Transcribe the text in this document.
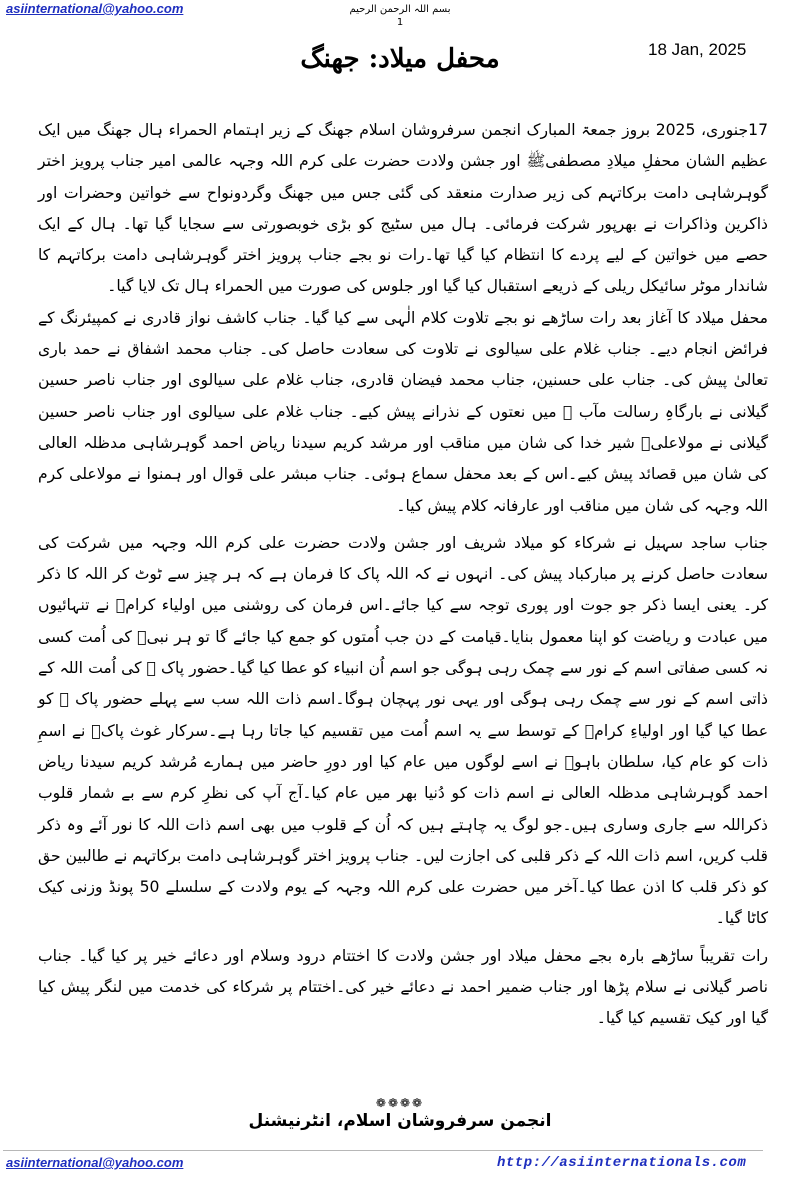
asiinternational@yahoo.com	بسم اللہ الرحمن الرحیم
1
18 Jan, 2025
محفل میلاد: جھنگ

17جنوری، 2025 بروز جمعۃ المبارک انجمن سرفروشان اسلام جھنگ کے زیر اہتمام الحمراء ہال جھنگ میں ایک عظیم الشان محفلِ میلادِ مصطفیﷺ اور جشن ولادت حضرت علی کرم اللہ وجہہ عالمی امیر جناب پرویز اختر گوہرشاہی دامت برکاتہم کی زیر صدارت منعقد کی گئی جس میں جھنگ وگردونواح سے خواتین وحضرات اور ذاکرین وذاکرات نے بھرپور شرکت فرمائی۔ ہال میں سٹیج کو بڑی خوبصورتی سے سجایا گیا تھا۔ ہال کے ایک حصے میں خواتین کے لیے پردے کا انتظام کیا گیا تھا۔رات نو بجے جناب پرویز اختر گوہرشاہی دامت برکاتہم کا شاندار موٹر سائیکل ریلی کے ذریعے استقبال کیا گیا اور جلوس کی صورت میں الحمراء ہال تک لایا گیا۔

محفل میلاد کا آغاز بعد رات ساڑھے نو بجے تلاوت کلام الٰہی سے کیا گیا۔ جناب کاشف نواز قادری نے کمپیئرنگ کے فرائض انجام دیے۔ جناب غلام علی سیالوی نے تلاوت کی سعادت حاصل کی۔ جناب محمد اشفاق نے حمد باری تعالیٰ پیش کی۔ جناب علی حسنین، جناب محمد فیضان قادری، جناب غلام علی سیالوی اور جناب ناصر حسین گیلانی نے بارگاہِ رسالت مآب ﷺ میں نعتوں کے نذرانے پیش کیے۔ جناب غلام علی سیالوی اور جناب ناصر حسین گیلانی نے مولاعلیؑ شیر خدا کی شان میں مناقب اور مرشد کریم سیدنا ریاض احمد گوہرشاہی مدظلہ العالی کی شان میں قصائد پیش کیے۔اس کے بعد محفل سماع ہوئی۔ جناب مبشر علی قوال اور ہمنوا نے مولاعلی کرم اللہ وجہہ کی شان میں مناقب اور عارفانہ کلام پیش کیا۔

جناب ساجد سہیل نے شرکاء کو میلاد شریف اور جشن ولادت حضرت علی کرم اللہ وجہہ میں شرکت کی سعادت حاصل کرنے پر مبارکباد پیش کی۔ انہوں نے کہ اللہ پاک کا فرمان ہے کہ ہر چیز سے ٹوٹ کر اللہ کا ذکر کر۔ یعنی ایسا ذکر جو جوت اور پوری توجہ سے کیا جائے۔اس فرمان کی روشنی میں اولیاء کرامؒ نے تنہائیوں میں عبادت و ریاضت کو اپنا معمول بنایا۔قیامت کے دن جب اُمتوں کو جمع کیا جائے گا تو ہر نبیؑ کی اُمت کسی نہ کسی صفاتی اسم کے نور سے چمک رہی ہوگی جو اسم اُن انبیاء کو عطا کیا گیا۔حضور پاک ﷺ کی اُمت اللہ کے ذاتی اسم کے نور سے چمک رہی ہوگی اور یہی نور پہچان ہوگا۔اسم ذات اللہ سب سے پہلے حضور پاک ﷺ کو عطا کیا گیا اور اولیاءِ کرامؒ کے توسط سے یہ اسم اُمت میں تقسیم کیا جاتا رہا ہے۔سرکار غوث پاکؓ نے اسمِ ذات کو عام کیا، سلطان باہوؒ نے اسے لوگوں میں عام کیا اور دورِ حاضر میں ہمارے مُرشد کریم سیدنا ریاض احمد گوہرشاہی مدظلہ العالی نے اسم ذات کو دُنیا بھر میں عام کیا۔آج آپ کی نظرِ کرم سے بے شمار قلوب ذکراللہ سے جاری وساری ہیں۔جو لوگ یہ چاہتے ہیں کہ اُن کے قلوب میں بھی اسم ذات اللہ کا نور آئے وہ ذکر قلب کریں، اسم ذات اللہ کے ذکر قلبی کی اجازت لیں۔ جناب پرویز اختر گوہرشاہی دامت برکاتہم نے طالبین حق کو ذکر قلب کا اذن عطا کیا۔آخر میں حضرت علی کرم اللہ وجہہ کے یوم ولادت کے سلسلے 50 پونڈ وزنی کیک کاٹا گیا۔

رات تقریباً ساڑھے بارہ بجے محفل میلاد اور جشن ولادت کا اختتام درود وسلام اور دعائے خیر پر کیا گیا۔ جناب ناصر گیلانی نے سلام پڑھا اور جناب ضمیر احمد نے دعائے خیر کی۔اختتام پر شرکاء کی خدمت میں لنگر پیش کیا گیا اور کیک تقسیم کیا گیا۔

❁❁❁❁
انجمن سرفروشان اسلام، انٹرنیشنل
asiinternational@yahoo.com	http://asiinternationals.com
